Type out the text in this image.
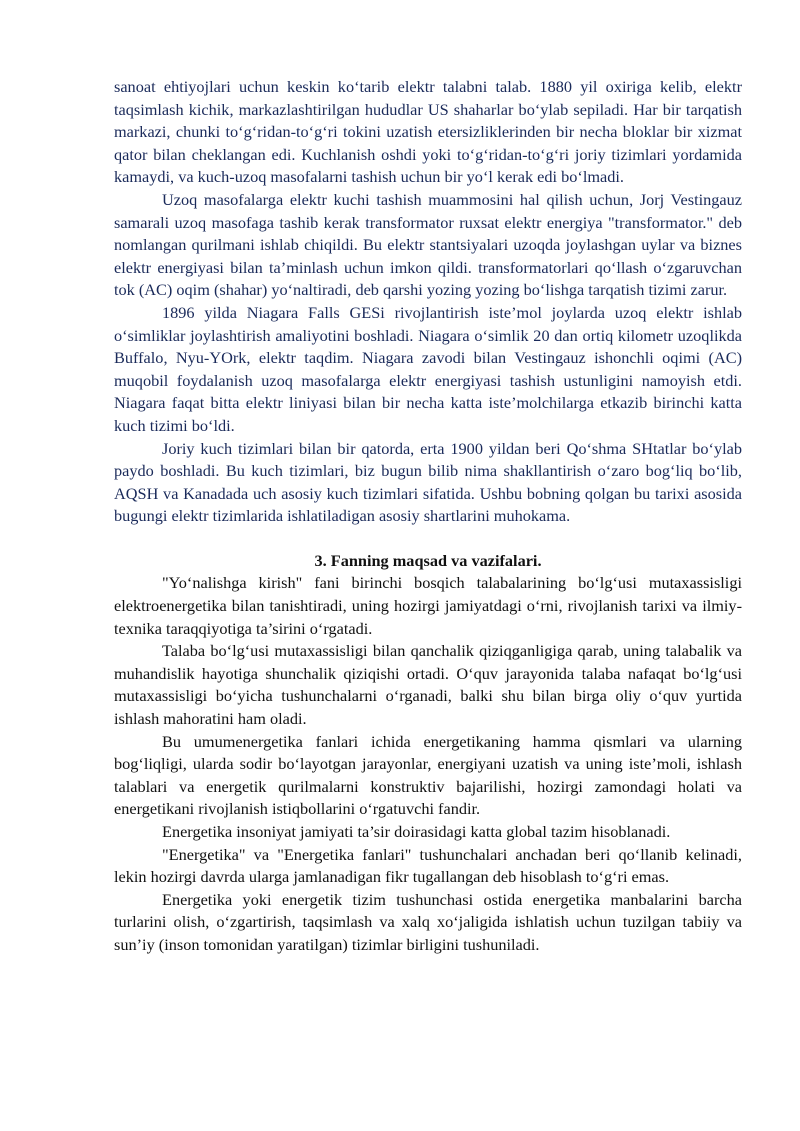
sanoat ehtiyojlari uchun keskin ko‘tarib elektr talabni talab. 1880 yil oxiriga kelib, elektr taqsimlash kichik, markazlashtirilgan hududlar US shaharlar bo‘ylab sepiladi. Har bir tarqatish markazi, chunki to‘g‘ridan-to‘g‘ri tokini uzatish etersizliklerinden bir necha bloklar bir xizmat qator bilan cheklangan edi. Kuchlanish oshdi yoki to‘g‘ridan-to‘g‘ri joriy tizimlari yordamida kamaydi, va kuch-uzoq masofalarni tashish uchun bir yo‘l kerak edi bo‘lmadi.

Uzoq masofalarga elektr kuchi tashish muammosini hal qilish uchun, Jorj Vestingauz samarali uzoq masofaga tashib kerak transformator ruxsat elektr energiya "transformator." deb nomlangan qurilmani ishlab chiqildi. Bu elektr stantsiyalari uzoqda joylashgan uylar va biznes elektr energiyasi bilan ta’minlash uchun imkon qildi. transformatorlari qo‘llash o‘zgaruvchan tok (AC) oqim (shahar) yo‘naltiradi, deb qarshi yozing yozing bo‘lishga tarqatish tizimi zarur.

1896 yilda Niagara Falls GESi rivojlantirish iste’mol joylarda uzoq elektr ishlab o‘simliklar joylashtirish amaliyotini boshladi. Niagara o‘simlik 20 dan ortiq kilometr uzoqlikda Buffalo, Nyu-YOrk, elektr taqdim. Niagara zavodi bilan Vestingauz ishonchli oqimi (AC) muqobil foydalanish uzoq masofalarga elektr energiyasi tashish ustunligini namoyish etdi. Niagara faqat bitta elektr liniyasi bilan bir necha katta iste’molchilarga etkazib birinchi katta kuch tizimi bo‘ldi.

Joriy kuch tizimlari bilan bir qatorda, erta 1900 yildan beri Qo‘shma SHtatlar bo‘ylab paydo boshladi. Bu kuch tizimlari, biz bugun bilib nima shakllantirish o‘zaro bog‘liq bo‘lib, AQSH va Kanadada uch asosiy kuch tizimlari sifatida. Ushbu bobning qolgan bu tarixi asosida bugungi elektr tizimlarida ishlatiladigan asosiy shartlarini muhokama.

3. Fanning maqsad va vazifalari.

"Yo‘nalishga kirish" fani birinchi bosqich talabalarining bo‘lg‘usi mutaxassisligi elektroenergetika bilan tanishtiradi, uning hozirgi jamiyatdagi o‘rni, rivojlanish tarixi va ilmiy-texnika taraqqiyotiga ta’sirini o‘rgatadi.

Talaba bo‘lg‘usi mutaxassisligi bilan qanchalik qiziqganligiga qarab, uning talabalik va muhandislik hayotiga shunchalik qiziqishi ortadi. O‘quv jarayonida talaba nafaqat bo‘lg‘usi mutaxassisligi bo‘yicha tushunchalarni o‘rganadi, balki shu bilan birga oliy o‘quv yurtida ishlash mahoratini ham oladi.

Bu umumenergetika fanlari ichida energetikaning hamma qismlari va ularning bog‘liqligi, ularda sodir bo‘layotgan jarayonlar, energiyani uzatish va uning iste’moli, ishlash talablari va energetik qurilmalarni konstruktiv bajarilishi, hozirgi zamondagi holati va energetikani rivojlanish istiqbollarini o‘rgatuvchi fandir.

Energetika insoniyat jamiyati ta’sir doirasidagi katta global tazim hisoblanadi.

"Energetika" va "Energetika fanlari" tushunchalari anchadan beri qo‘llanib kelinadi, lekin hozirgi davrda ularga jamlanadigan fikr tugallangan deb hisoblash to‘g‘ri emas.

Energetika yoki energetik tizim tushunchasi ostida energetika manbalarini barcha turlarini olish, o‘zgartirish, taqsimlash va xalq xo‘jaligida ishlatish uchun tuzilgan tabiiy va sun’iy (inson tomonidan yaratilgan) tizimlar birligini tushuniladi.
